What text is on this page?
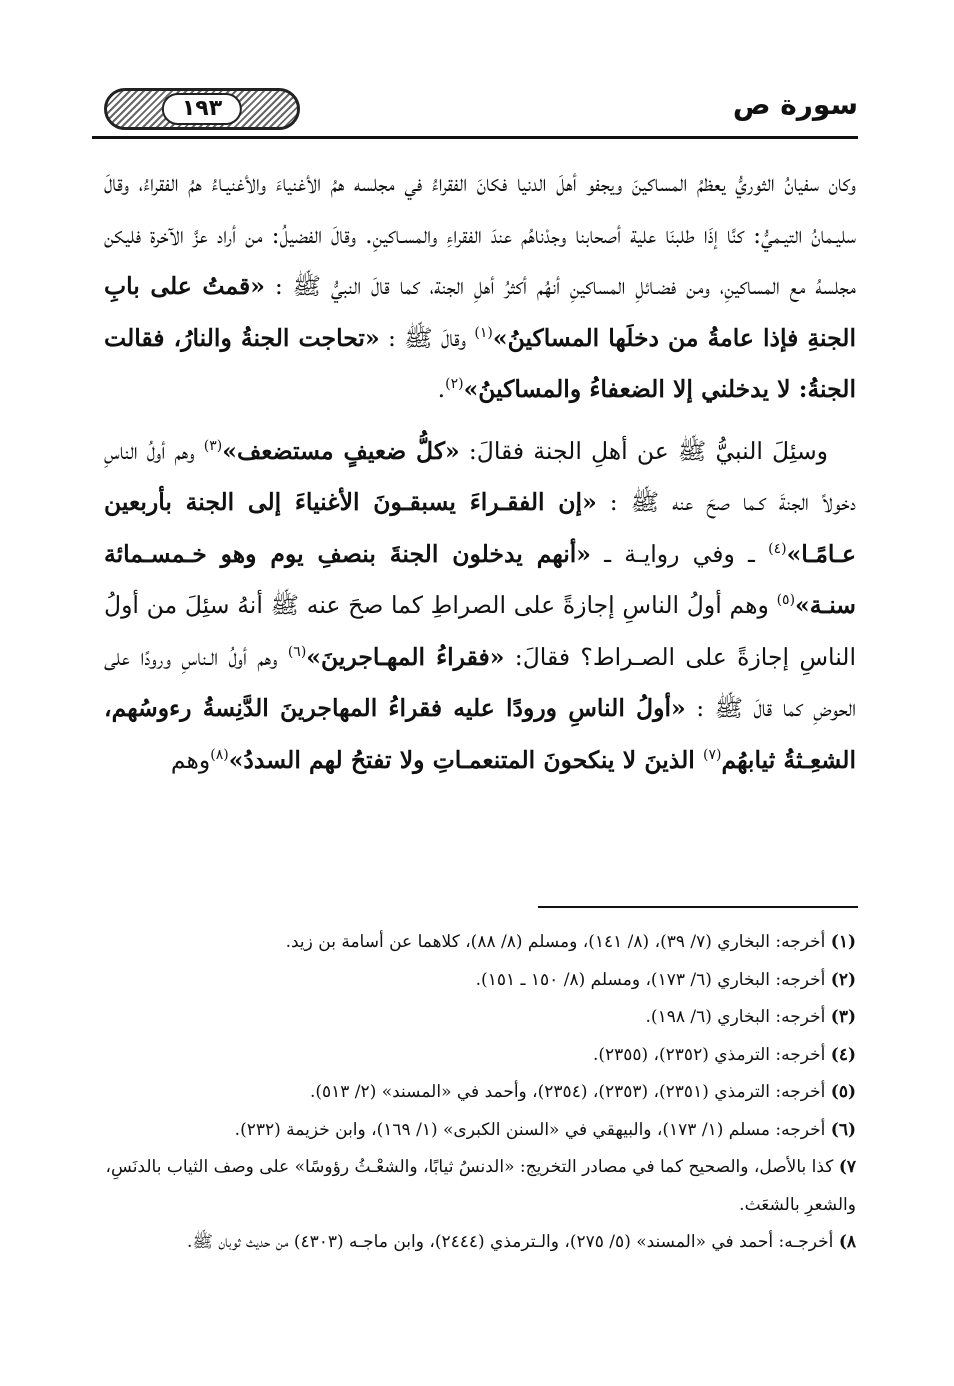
١٩٣	سورة ص

وكان سفيانُ الثوريُّ يعظمُ المساكينَ ويجفو أهلَ الدنيا فكانَ الفقراءُ في مجلسه همُ الأغنياءَ والأغنيـاءُ همُ الفقراءُ، وقالَ سليـمانُ التيـميُّ: كنَّا إذَا طلبنَا علية أصحابنا وجدْناهُم عندَ الفقراءِ والمسـاكينِ. وقالَ الفضيلُ: من أراد عزَّ الآخرة فليكن مجلسهُ مع المساكينِ، ومن فضـائلِ المساكينِ أنهُم أكثرُ أهلِ الجنة، كما قالَ النبيُّ ﷺ : «قمتُ على بابِ الجنةِ فإذا عامةُ من دخلَها المساكينُ»$^{(١)}$ وقالَ ﷺ : «تحاجت الجنةُ والنارُ، فقالت الجنةُ: لا يدخلني إلا الضعفاءُ والمساكينُ»$^{(٢)}$.

وسئِلَ النبيُّ ﷺ عن أهلِ الجنة فقالَ: «كلُّ ضعيفٍ مستضعف»$^{(٣)}$ وهم أولُ الناسِ دخولاً الجنةَ كـما صحَ عنه ﷺ : «إن الفقـراءَ يسبقـونَ الأغنياءَ إلى الجنة بأربعين عـامًـا»$^{(٤)}$ ـ وفي روايـة ـ «أنهم يدخلون الجنةَ بنصفِ يوم وهو خـمسـمائة سنـة»$^{(٥)}$ وهم أولُ الناسِ إجازةً على الصراطِ كما صحَ عنه ﷺ أنهُ سئِلَ من أولُ الناسِ إجازةً على الصـراط؟ فقالَ: «فقراءُ المهـاجرينَ»$^{(٦)}$ وهم أولُ الـناسِ ورودًا على الحوضِ كما قالَ ﷺ : «أولُ الناسِ ورودًا عليه فقراءُ المهاجرينَ الدَّنِسةُ رءوسُهم، الشعِـثةُ ثيابهُم$^{(٧)}$ الذينَ لا ينكحونَ المتنعمـاتِ ولا تفتحُ لهم السددُ»$^{(٨)}$وهم

(١) أخرجه: البخاري (٧/ ٣٩)، (٨/ ١٤١)، ومسلم (٨/ ٨٨)، كلاهما عن أسامة بن زيد.

(٢) أخرجه: البخاري (٦/ ١٧٣)، ومسلم (٨/ ١٥٠ ـ ١٥١).

(٣) أخرجه: البخاري (٦/ ١٩٨).

(٤) أخرجه: الترمذي (٢٣٥٢)، (٢٣٥٥).

(٥) أخرجه: الترمذي (٢٣٥١)، (٢٣٥٣)، (٢٣٥٤)، وأحمد في «المسند» (٢/ ٥١٣).

(٦) أخرجه: مسلم (١/ ١٧٣)، والبيهقي في «السنن الكبرى» (١/ ١٦٩)، وابن خزيمة (٢٣٢).

٧) كذا بالأصل، والصحيح كما في مصادر التخريج: «الدنسُ ثيابًا، والشعْـثُ رؤوسًا» على وصف الثياب بالدنَسِ، والشعرِ بالشعَث.

٨) أخرجـه: أحمد في «المسند» (٥/ ٢٧٥)، والـترمذي (٢٤٤٤)، وابن ماجـه (٤٣٠٣) من حديث ثوبان ﷺ.
